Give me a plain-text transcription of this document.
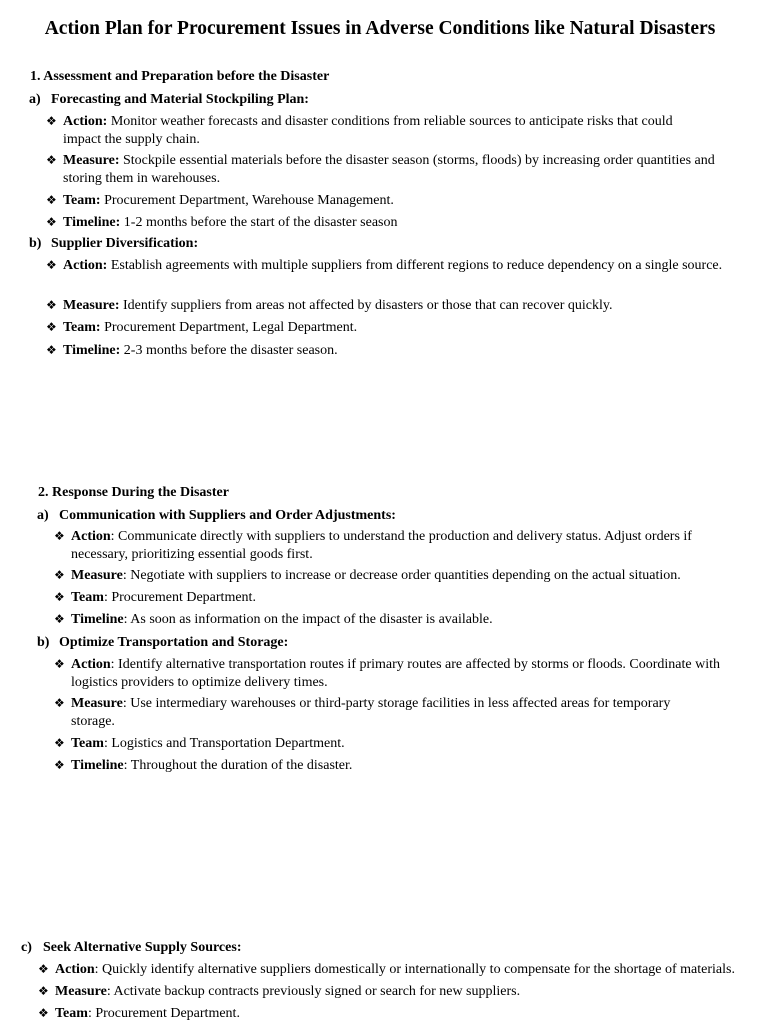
Action Plan for Procurement Issues in Adverse Conditions like Natural Disasters
1. Assessment and Preparation before the Disaster
a) Forecasting and Material Stockpiling Plan:
❖ Action: Monitor weather forecasts and disaster conditions from reliable sources to anticipate risks that could impact the supply chain.
❖ Measure: Stockpile essential materials before the disaster season (storms, floods) by increasing order quantities and storing them in warehouses.
❖ Team: Procurement Department, Warehouse Management.
❖ Timeline: 1-2 months before the start of the disaster season
b) Supplier Diversification:
❖ Action: Establish agreements with multiple suppliers from different regions to reduce dependency on a single source.
❖ Measure: Identify suppliers from areas not affected by disasters or those that can recover quickly.
❖ Team: Procurement Department, Legal Department.
❖ Timeline: 2-3 months before the disaster season.
2. Response During the Disaster
a) Communication with Suppliers and Order Adjustments:
❖ Action: Communicate directly with suppliers to understand the production and delivery status. Adjust orders if necessary, prioritizing essential goods first.
❖ Measure: Negotiate with suppliers to increase or decrease order quantities depending on the actual situation.
❖ Team: Procurement Department.
❖ Timeline: As soon as information on the impact of the disaster is available.
b) Optimize Transportation and Storage:
❖ Action: Identify alternative transportation routes if primary routes are affected by storms or floods. Coordinate with logistics providers to optimize delivery times.
❖ Measure: Use intermediary warehouses or third-party storage facilities in less affected areas for temporary storage.
❖ Team: Logistics and Transportation Department.
❖ Timeline: Throughout the duration of the disaster.
c) Seek Alternative Supply Sources:
❖ Action: Quickly identify alternative suppliers domestically or internationally to compensate for the shortage of materials.
❖ Measure: Activate backup contracts previously signed or search for new suppliers.
❖ Team: Procurement Department.
